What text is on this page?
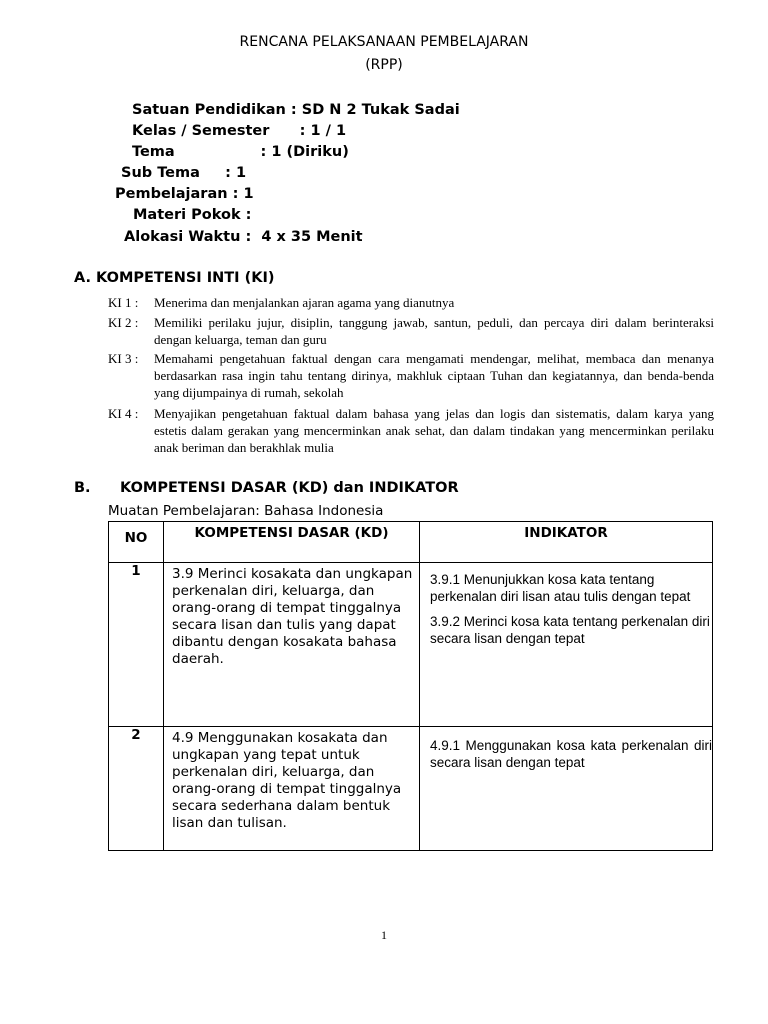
RENCANA PELAKSANAAN PEMBELAJARAN
(RPP)
Satuan Pendidikan : SD N 2 Tukak Sadai
Kelas / Semester      : 1 / 1
Tema                 : 1 (Diriku)
Sub Tema     : 1
Pembelajaran : 1
Materi Pokok :
Alokasi Waktu :  4 x 35 Menit
A. KOMPETENSI INTI (KI)
KI 1 :	Menerima dan menjalankan ajaran agama yang dianutnya
KI 2 :	Memiliki perilaku jujur, disiplin, tanggung jawab, santun, peduli, dan percaya diri dalam berinteraksi dengan keluarga, teman dan guru
KI 3 :	Memahami pengetahuan faktual dengan cara mengamati mendengar, melihat, membaca dan menanya berdasarkan rasa ingin tahu tentang dirinya, makhluk ciptaan Tuhan dan kegiatannya, dan benda-benda yang dijumpainya di rumah, sekolah
KI 4 :	Menyajikan pengetahuan faktual dalam bahasa yang jelas dan logis dan sistematis, dalam karya yang estetis dalam gerakan yang mencerminkan anak sehat, dan dalam tindakan yang mencerminkan perilaku anak beriman dan berakhlak mulia
B. KOMPETENSI DASAR (KD) dan INDIKATOR
Muatan Pembelajaran: Bahasa Indonesia
NO	KOMPETENSI DASAR (KD)	INDIKATOR
1	3.9 Merinci kosakata dan ungkapan perkenalan diri, keluarga, dan orang-orang di tempat tinggalnya secara lisan dan tulis yang dapat dibantu dengan kosakata bahasa daerah.	3.9.1 Menunjukkan kosa kata tentang perkenalan diri lisan atau tulis dengan tepat

3.9.2 Merinci kosa kata tentang perkenalan diri secara lisan dengan tepat

2	4.9 Menggunakan kosakata dan ungkapan yang tepat untuk perkenalan diri, keluarga, dan orang-orang di tempat tinggalnya secara sederhana dalam bentuk lisan dan tulisan.	4.9.1 Menggunakan kosa kata perkenalan diri secara lisan dengan tepat

1
